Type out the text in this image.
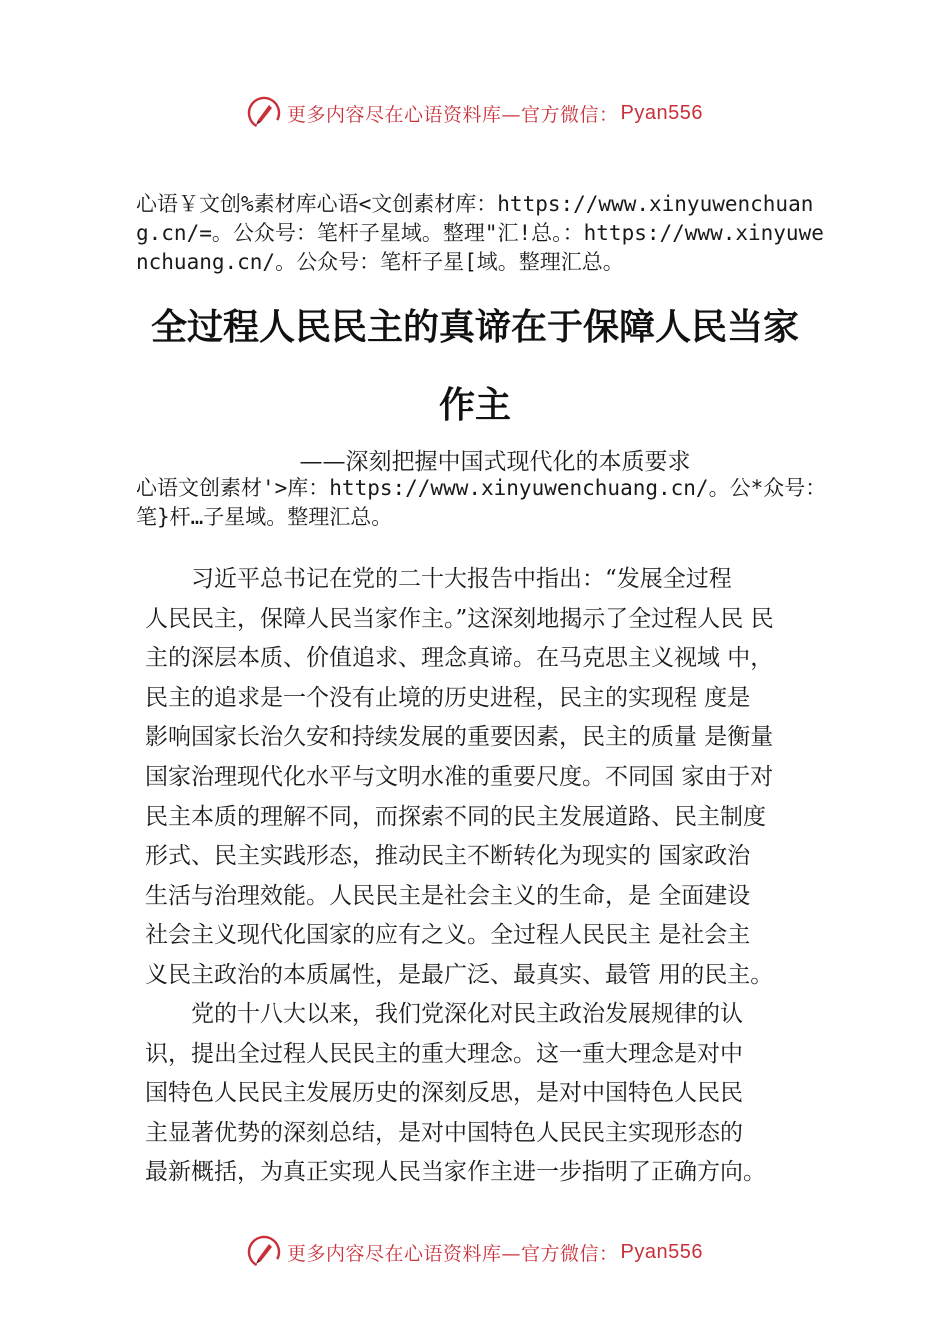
更多内容尽在心语资料库—官方微信： Pyan556

心语￥文创%素材库心语<文创素材库：https://www.xinyuwenchuang.cn/=。公众号：笔杆子星域。整理"汇!总。：https://www.xinyuwenchuang.cn/。公众号：笔杆子星[域。整理汇总。

全过程人民民主的真谛在于保障人民当家
作主

——深刻把握中国式现代化的本质要求

心语文创素材'>库：https://www.xinyuwenchuang.cn/。公*众号：笔}杆…子星域。整理汇总。

　　习近平总书记在党的二十大报告中指出：“发展全过程
人民民主，保障人民当家作主。”这深刻地揭示了全过程人民 民
主的深层本质、价值追求、理念真谛。在马克思主义视域 中，
民主的追求是一个没有止境的历史进程，民主的实现程 度是
影响国家长治久安和持续发展的重要因素，民主的质量 是衡量
国家治理现代化水平与文明水准的重要尺度。不同国 家由于对
民主本质的理解不同，而探索不同的民主发展道路、民主制度
形式、民主实践形态，推动民主不断转化为现实的 国家政治
生活与治理效能。人民民主是社会主义的生命，是 全面建设
社会主义现代化国家的应有之义。全过程人民民主 是社会主
义民主政治的本质属性，是最广泛、最真实、最管 用的民主。

　　党的十八大以来，我们党深化对民主政治发展规律的认
识，提出全过程人民民主的重大理念。这一重大理念是对中
国特色人民民主发展历史的深刻反思，是对中国特色人民民
主显著优势的深刻总结，是对中国特色人民民主实现形态的
最新概括，为真正实现人民当家作主进一步指明了正确方向。

更多内容尽在心语资料库—官方微信： Pyan556
